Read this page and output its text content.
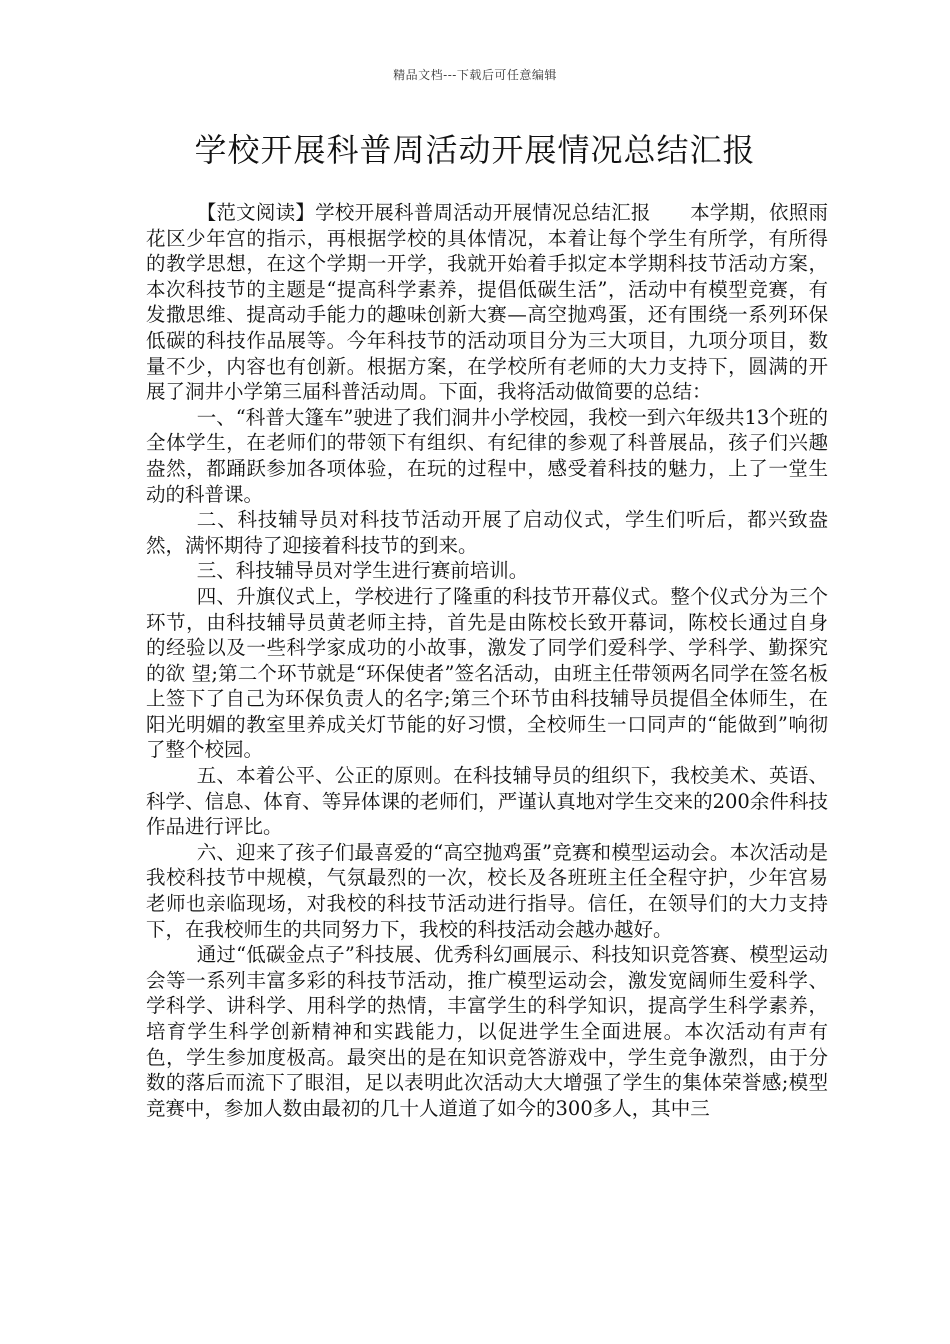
精品文档---下载后可任意编辑
学校开展科普周活动开展情况总结汇报

【范文阅读】学校开展科普周活动开展情况总结汇报　　本学期，依照雨花区少年宫的指示，再根据学校的具体情况，本着让每个学生有所学，有所得的教学思想，在这个学期一开学，我就开始着手拟定本学期科技节活动方案，本次科技节的主题是“提高科学素养，提倡低碳生活”，活动中有模型竞赛，有发撒思维、提高动手能力的趣味创新大赛—高空抛鸡蛋，还有围绕一系列环保低碳的科技作品展等。今年科技节的活动项目分为三大项目，九项分项目，数量不少，内容也有创新。根据方案，在学校所有老师的大力支持下，圆满的开展了洞井小学第三届科普活动周。下面，我将活动做简要的总结：

一、“科普大篷车”驶进了我们洞井小学校园，我校一到六年级共13个班的全体学生，在老师们的带领下有组织、有纪律的参观了科普展品，孩子们兴趣盎然，都踊跃参加各项体验，在玩的过程中，感受着科技的魅力，上了一堂生动的科普课。

二、科技辅导员对科技节活动开展了启动仪式，学生们听后，都兴致盎然，满怀期待了迎接着科技节的到来。

三、科技辅导员对学生进行赛前培训。

四、升旗仪式上，学校进行了隆重的科技节开幕仪式。整个仪式分为三个环节，由科技辅导员黄老师主持，首先是由陈校长致开幕词，陈校长通过自身的经验以及一些科学家成功的小故事，激发了同学们爱科学、学科学、勤探究的欲 望;第二个环节就是“环保使者”签名活动，由班主任带领两名同学在签名板上签下了自己为环保负责人的名字;第三个环节由科技辅导员提倡全体师生，在阳光明媚的教室里养成关灯节能的好习惯，全校师生一口同声的“能做到”响彻了整个校园。

五、本着公平、公正的原则。在科技辅导员的组织下，我校美术、英语、科学、信息、体育、等异体课的老师们，严谨认真地对学生交来的200余件科技作品进行评比。

六、迎来了孩子们最喜爱的“高空抛鸡蛋”竞赛和模型运动会。本次活动是我校科技节中规模，气氛最烈的一次，校长及各班班主任全程守护，少年宫易老师也亲临现场，对我校的科技节活动进行指导。信任，在领导们的大力支持下，在我校师生的共同努力下，我校的科技活动会越办越好。

通过“低碳金点子”科技展、优秀科幻画展示、科技知识竞答赛、模型运动会等一系列丰富多彩的科技节活动，推广模型运动会，激发宽阔师生爱科学、学科学、讲科学、用科学的热情，丰富学生的科学知识，提高学生科学素养，培育学生科学创新精神和实践能力，以促进学生全面进展。本次活动有声有色，学生参加度极高。最突出的是在知识竞答游戏中，学生竞争激烈，由于分数的落后而流下了眼泪，足以表明此次活动大大增强了学生的集体荣誉感;模型竞赛中，参加人数由最初的几十人道道了如今的300多人，其中三
